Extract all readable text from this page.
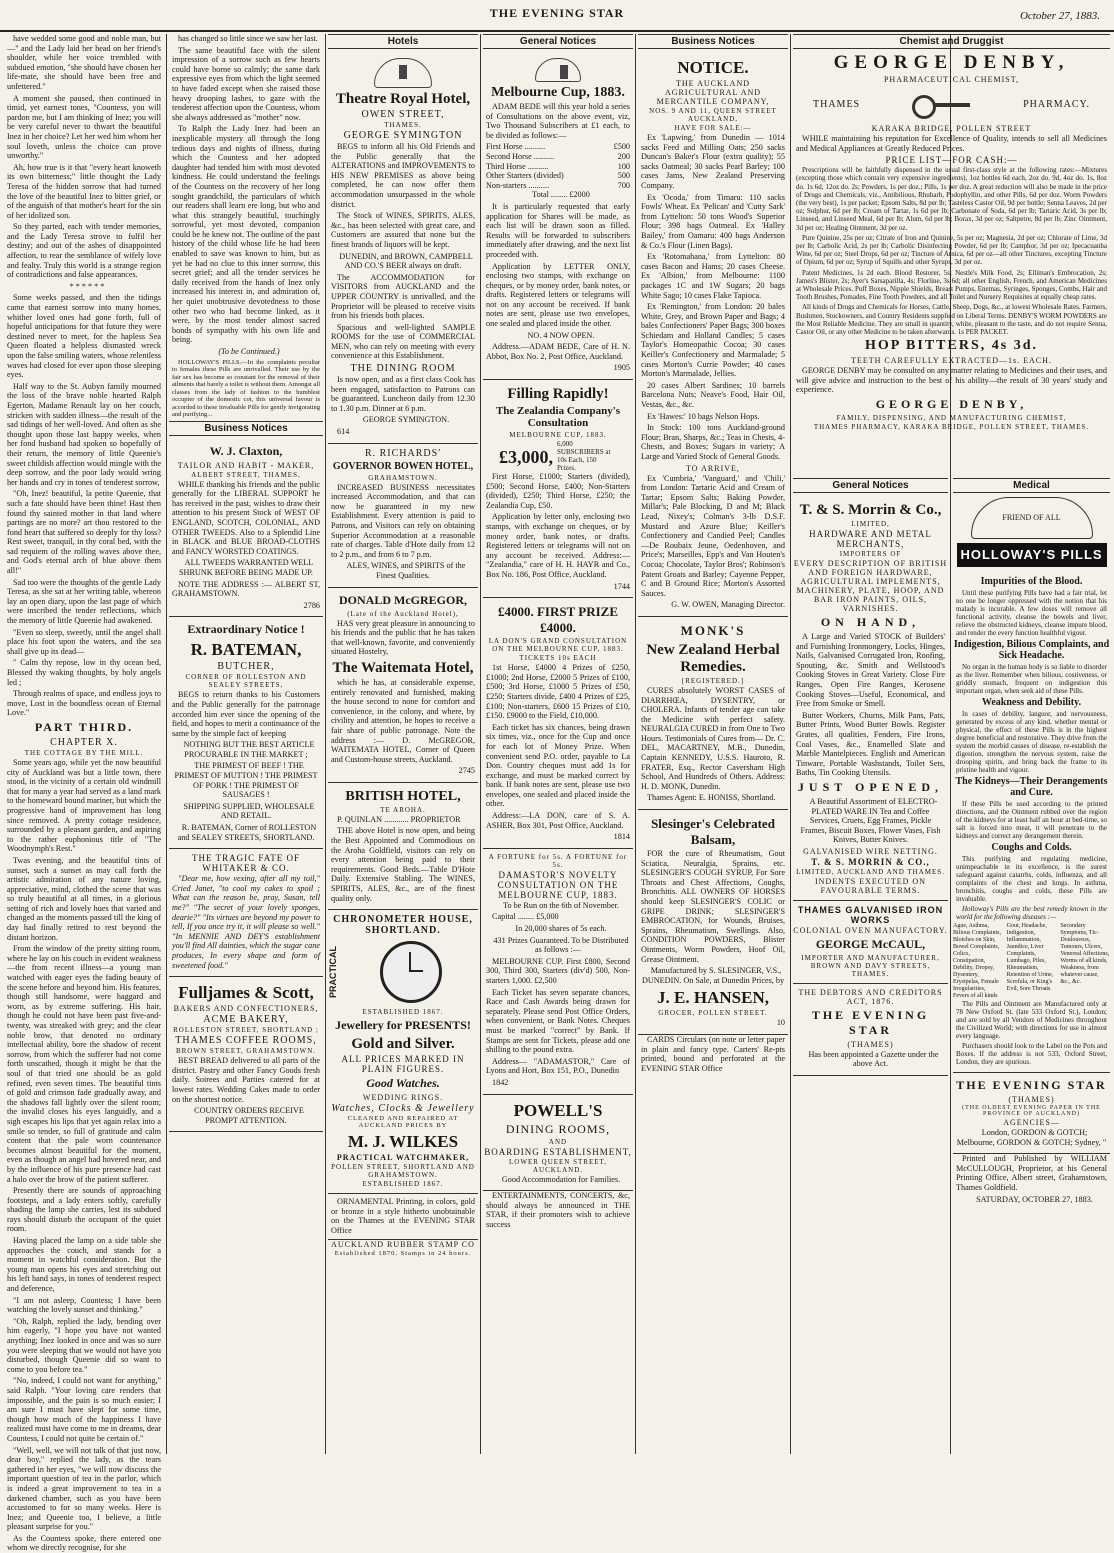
THE EVENING STAR	October 27, 1883.

have wedded some good and noble man, but —" and the Lady laid her head on her friend's shoulder, while her voice trembled with subdued emotion, "she should have chosen her life-mate, she should have been free and unfettered."

A moment she paused, then continued in timid, yet earnest tones, "Countess, you will pardon me, but I am thinking of Inez; you will be very careful never to thwart the beautiful Inez in her choice? Let her wed him whom her soul loveth, unless the choice can prove unworthy."

Ah, how true is it that "every heart knoweth its own bitterness;" little thought the Lady Teresa of the hidden sorrow that had turned the love of the beautiful Inez to bitter grief, or of the anguish of that mother's heart for the sin of her idolized son.

So they parted, each with tender memories, and the Lady Teresa strove to fulfil her destiny; and out of the ashes of disappointed affection, to rear the semblance of wifely love and fealty. Truly this world is a strange region of contradictions and false appearances.

* * * * * *

Some weeks passed, and then the tidings came that earnest sorrow into many homes, whither loved ones had gone forth, full of hopeful anticipations for that future they were destined never to meet, for the hapless Sea Queen floated a helpless dismasted wreck upon the false smiling waters, whose relentless waves had closed for ever upon those sleeping eyes.

Half way to the St. Aubyn family mourned the loss of the brave noble hearted Ralph Egerton, Madame Renault lay on her couch, stricken with sudden illness—the result of the sad tidings of her well-loved. And often as she thought upon those last happy weeks, when her fond husband had spoken so hopefully of their return, the memory of little Queenie's sweet childish affection would mingle with the deep sorrow, and the poor lady would wring her hands and cry in tones of tenderest sorrow,

"Oh, Inez! beautiful, la petite Queenie, that such a fate should have been thine! Hast then found thy sainted mother in that land where partings are no more? art thou restored to the fond heart that suffered so deeply for thy loss? Rest sweet, tranquil, in thy coral bed, with the sad requiem of the rolling waves above thee, and God's eternal arch of blue above them all!"

Sad too were the thoughts of the gentle Lady Teresa, as she sat at her writing table, whereon lay an open diary, upon the last page of which were inscribed the tender reflections, which the memory of little Queenie had awakened.

"Even so sleep, sweetly, until the angel shall place his foot upon the waters, and the sea shall give up its dead—

" Calm thy repose, low in thy ocean bed, Blessed thy waking thoughts, by holy angels led ;

Through realms of space, and endless joys to move, Lost in the boundless ocean of Eternal Love."

PART THIRD.
CHAPTER X.
THE COTTAGE BY THE MILL.

Some years ago, while yet the now beautiful city of Auckland was but a little town, there stood, in the vicinity of a certain old windmill that for many a year had served as a land mark to the homeward bound mariner, but which the progressive hand of improvement has long since removed. A pretty cottage residence, surrounded by a pleasant garden, and aspiring to the rather euphonious title of "The Woodnymph's Rest."

Twas evening, and the beautiful tints of sunset, such a sunset as may call forth the artistic admiration of any nature loving, appreciative, mind, clothed the scene that was so truly beautiful at all times, in a glorious setting of rich and lovely hues that varied and changed as the moments passed till the king of day had finally retired to rest beyond the distant horizon.

From the window of the pretty sitting room, where he lay on his couch in evident weakness—the from recent illness—a young man watched with eager eyes the fading beauty of the scene before and beyond him. His features, though still handsome, were haggard and worn, as by extreme suffering. His hair, though he could not have been past five-and-twenty, was streaked with grey; and the clear noble brow, that denoted no ordinary intellectual ability, bore the shadow of recent sorrow, from which the sufferer had not come forth unscathed, though it might be that the soul of that tried one should be as gold refined, even seven times. The beautiful tints of gold and crimson fade gradually away, and the shadows fall lightly over the silent room; the invalid closes his eyes languidly, and a sigh escapes his lips that yet again relax into a smile so tender, so full of gratitude and calm content that the pale worn countenance becomes almost beautiful for the moment, even as though an angel had hovered near, and by the influence of his pure presence had cast a halo over the brow of the patient sufferer.

Presently there are sounds of approaching footsteps, and a lady enters softly, carefully shading the lamp she carries, lest its subdued rays should disturb the occupant of the quiet room.

Having placed the lamp on a side table she approaches the couch, and stands for a moment in watchful consideration. But the young man opens his eyes and stretching out his left hand says, in tones of tenderest respect and deference,

"I am not asleep, Countess; I have been watching the lovely sunset and thinking."

"Oh, Ralph, replied the lady, bending over him eagerly, "I hope you have not wanted anything; Inez looked in once and was so sure you were sleeping that we would not have you disturbed, though Queenie did so want to come to you before tea."

"No, indeed, I could not want for anything," said Ralph. "Your loving care renders that impossible, and the pain is so much easier; I am sure I must have slept for some time, though how much of the happiness I have realized must have come to me in dreams, dear Countess, I could not quite be certain of."

"Well, well, we will not talk of that just now, dear boy," replied the lady, as the tears gathered in her eyes, "we will now discuss the important question of tea in the parlor, which is indeed a great improvement to tea in a darkened chamber, such as you have been accustomed to for so many weeks. Here is Inez; and Queenie too, I believe, a little pleasant surprise for you."

As the Countess spoke, there entered one whom we directly recognise, for she

has changed so little since we saw her last.

The same beautiful face with the silent impression of a sorrow such as few hearts could have borne so calmly; the same dark expressive eyes from which the light seemed to have faded except when she raised those heavy drooping lashes, to gaze with the tenderest affection upon the Countess, whom she always addressed as "mother" now.

To Ralph the Lady Inez had been an inexplicable mystery all through the long tedious days and nights of illness, during which the Countess and her adopted daughter had tended him with most devoted kindness. He could understand the feelings of the Countess on the recovery of her long sought grandchild, the particulars of which our readers shall learn ere long, but who and what this strangely beautiful, touchingly sorrowful, yet most devoted, companion could be he knew not. The outline of the past history of the child whose life he had been enabled to save was known to him, but as yet he had no clue to this inner sorrow, this secret grief; and all the tender services he daily received from the hands of Inez only increased his interest in, and admiration of, her quiet unobtrusive devotedness to those other two who had become linked, as it were, by the most tender almost sacred bonds of sympathy with his own life and being.

(To be Continued.)

HOLLOWAY'S PILLS.—In the complaints peculiar to females these Pills are unrivalled. Their use by the fair sex has become so constant for the removal of their ailments that barely a toilet is without them. Amongst all classes from the lady of fashion to the humblest occupier of the domestic cot, this universal favour is accorded to these invaluable Pills for gently invigorating and purifying...

Business Notices
W. J. Claxton,
TAILOR AND HABIT - MAKER,
ALBERT STREET, THAMES,

WHILE thanking his friends and the public generally for the LIBERAL SUPPORT he has received in the past, wishes to draw their attention to his present Stock of WEST OF ENGLAND, SCOTCH, COLONIAL, AND OTHER TWEEDS. Also to a Splendid Line in BLACK and BLUE BROAD-CLOTHS and FANCY WORSTED COATINGS.

ALL TWEEDS WARRANTED WELL SHRUNK BEFORE BEING MADE UP.

NOTE THE ADDRESS :— ALBERT ST, GRAHAMSTOWN.

2786

Extraordinary Notice !
R. BATEMAN,
BUTCHER,
CORNER OF ROLLESTON AND SEALEY STREETS,

BEGS to return thanks to his Customers and the Public generally for the patronage accorded him ever since the opening of the field, and hopes to merit a continuance of the same by the simple fact of keeping

NOTHING BUT THE BEST ARTICLE PROCURABLE IN THE MARKET ;

THE PRIMEST OF BEEF ! THE PRIMEST OF MUTTON ! THE PRIMEST OF PORK ! THE PRIMEST OF SAUSAGES !

SHIPPING SUPPLIED, WHOLESALE AND RETAIL.

R. BATEMAN, Corner of ROLLESTON and SEALEY STREETS, SHORTLAND.

THE TRAGIC FATE OF WHITAKER & CO.

"Dear me, how vexing, after all my toil," Cried Janet, "to cool my cakes to spoil ; What can the reason be, pray, Susan, tell me?" "The secret of your lovely sponges, dearie?" "Its virtues are beyond my power to tell, If you once try it, it will please so well." "In MENNIE AND DEY'S establishment you'll find All dainties, which the sugar cane produces, In every shape and form of sweetened food."

Fulljames & Scott,
BAKERS AND CONFECTIONERS,
ACME BAKERY,
ROLLESTON STREET, SHORTLAND ;
THAMES COFFEE ROOMS,
BROWN STREET, GRAHAMSTOWN.

BEST BREAD delivered to all parts of the district. Pastry and other Fancy Goods fresh daily. Soirees and Parties catered for at lowest rates. Wedding Cakes made to order on the shortest notice.

COUNTRY ORDERS RECEIVE PROMPT ATTENTION.

Hotels
Theatre Royal Hotel,
OWEN STREET,
THAMES.
GEORGE SYMINGTON

BEGS to inform all his Old Friends and the Public generally that the ALTERATIONS and IMPROVEMENTS to HIS NEW PREMISES as above being completed, he can now offer them accommodation unsurpassed in the whole district.

The Stock of WINES, SPIRITS, ALES, &c., has been selected with great care, and Customers are assured that none but the finest brands of liquors will be kept.

DUNEDIN, and BROWN, CAMPBELL AND CO.'S BEER always on draft.

The ACCOMMODATION for VISITORS from AUCKLAND and the UPPER COUNTRY is unrivalled, and the Proprietor will be pleased to receive visits from his friends both places.

Spacious and well-lighted SAMPLE ROOMS for the use of COMMERCIAL MEN, who can rely on meeting with every convenience at this Establishment.

THE DINING ROOM

Is now open, and as a first class Cook has been engaged, satisfaction to Patrons can be guaranteed. Luncheon daily from 12.30 to 1.30 p.m. Dinner at 6 p.m.

GEORGE SYMINGTON.

614

R. RICHARDS'
GOVERNOR BOWEN HOTEL,
GRAHAMSTOWN.

INCREASED BUSINESS necessitates increased Accommodation, and that can now be guaranteed in my new Establishment. Every attention is paid to Patrons, and Visitors can rely on obtaining Superior Accommodation at a reasonable rate of charges. Table d'Hote daily from 12 to 2 p.m., and from 6 to 7 p.m.

ALES, WINES, and SPIRITS of the Finest Qualities.

DONALD McGREGOR,
(Late of the Auckland Hotel),

HAS very great pleasure in announcing to his friends and the public that he has taken that well-known, favorite, and conveniently situated Hostelry,

The Waitemata Hotel,

which he has, at considerable expense, entirely renovated and furnished, making the house second to none for comfort and convenience, in the colony, and where, by civility and attention, he hopes to receive a fair share of public patronage. Note the address :— D. McGREGOR, WAITEMATA HOTEL, Corner of Queen and Custom-house streets, Auckland.

2745

BRITISH HOTEL,
TE AROHA.

P. QUINLAN ............ PROPRIETOR

THE above Hotel is now open, and being the Best Appointed and Commodious on the Aroha Goldfield, visitors can rely on every attention being paid to their requirements. Good Beds.—Table D'Hote Daily. Extensive Stabling. The WINES, SPIRITS, ALES, &c., are of the finest quality only.

CHRONOMETER HOUSE, SHORTLAND.
PRACTICAL
ESTABLISHED 1867.
Jewellery for PRESENTS!
Gold and Silver.
ALL PRICES MARKED IN PLAIN FIGURES.
Good Watches.
WEDDING RINGS.
Watches, Clocks & Jewellery
CLEANED AND REPAIRED AT AUCKLAND PRICES BY
M. J. WILKES
PRACTICAL WATCHMAKER,
POLLEN STREET, SHORTLAND AND GRAHAMSTOWN.
ESTABLISHED 1867.

ORNAMENTAL Printing, in colors, gold or bronze in a style hitherto unobtainable on the Thames at the EVENING STAR Office

AUCKLAND RUBBER STAMP CO
Established 1870. Stamps in 24 hours.
General Notices
Melbourne Cup, 1883.

ADAM BEDE will this year hold a series of Consultations on the above event, viz, Two Thousand Subscribers at £1 each, to be divided as follows:—

First Horse ..........	£500
Second Horse ..........	200
Third Horse ..........	100
Other Starters (divided)	500
Non-starters ..........	700

Total ........ £2000

It is particularly requested that early application for Shares will be made, as each list will be drawn soon as filled. Results will be forwarded to subscribers immediately after drawing, and the next list proceeded with.

Application by LETTER ONLY, enclosing two stamps, with exchange on cheques, or by money order, bank notes, or drafts. Registered letters or telegrams will not on any account be received. If bank notes are sent, please use two envelopes, one sealed and placed inside the other.

NO. 4 NOW OPEN.

Address.—ADAM BEDE, Care of H. N. Abbot, Box No. 2, Post Office, Auckland.

1905

Filling Rapidly!
The Zealandia Company's Consultation
MELBOURNE CUP, 1883.
£3,000,
6,000 SUBSCRIBERS at 10s Each, 150 Prizes.

First Horse, £1000; Starters (divided), £500; Second Horse, £400; Non-Starters (divided), £250; Third Horse, £250; the Zealandia Cup, £50.

Application by letter only, enclosing two stamps, with exchange on cheques, or by money order, bank notes, or drafts. Registered letters or telegrams will not on any account be received. Address:— "Zealandia," care of H. H. HAYR and Co., Box No. 186, Post Office, Auckland.

1744

£4000. FIRST PRIZE £4000.
LA DON'S GRAND CONSULTATION ON THE MELBOURNE CUP, 1883.
TICKETS 10s EACH

1st Horse, £4000 4 Prizes of £250, £1000; 2nd Horse, £2000 5 Prizes of £100, £500; 3rd Horse, £1000 5 Prizes of £50, £250; Starters divide, £400 4 Prizes of £25, £100; Non-starters, £600 15 Prizes of £10, £150. £9000 to the Field, £10,000.

Each ticket has six chances, being drawn six times, viz., once for the Cup and once for each lot of Money Prize. When convenient send P.O. order, payable to La Don. Country cheques must add 1s for exchange, and must be marked correct by bank. If bank notes are sent, please use two envelopes, one sealed and placed inside the other.

Address:—LA DON, care of S. A. ASHER, Box 301, Post Office, Auckland.

1814

A FORTUNE for 5s. A FORTUNE for 5s.
DAMASTOR'S NOVELTY CONSULTATION ON THE MELBOURNE CUP, 1883.

To be Run on the 6th of November.

Capital ........ £5,000

In 20,000 shares of 5s each.

431 Prizes Guaranteed. To be Distributed as follows :—

MELBOURNE CUP. First £800, Second 300, Third 300, Starters (div'd) 500, Non-starters 1,000. £2,500

Each Ticket has seven separate chances, Race and Cash Awards being drawn for separately. Please send Post Office Orders, when convenient, or Bank Notes. Cheques must be marked "correct" by Bank. If Stamps are sent for Tickets, please add one shilling to the pound extra.

Address— "ADAMASTOR," Care of Lyons and Hort, Box 151, P.O., Dunedin

1842

POWELL'S
DINING ROOMS,
AND
BOARDING ESTABLISHMENT,
LOWER QUEEN STREET, AUCKLAND.

Good Accommodation for Families.

ENTERTAINMENTS, CONCERTS, &c, should always be announced in THE STAR, if their promoters wish to achieve success

Business Notices
NOTICE.
THE AUCKLAND AGRICULTURAL AND MERCANTILE COMPANY,
NOS. 9 AND 11, QUEEN STREET AUCKLAND,
HAVE FOR SALE:—

Ex 'Lapwing,' from Dunedin — 1014 sacks Feed and Milling Oats; 250 sacks Duncan's Baker's Flour (extra quality); 55 sacks Oatmeal; 30 sacks Pearl Barley; 100 cases Jams, New Zealand Preserving Company.

Ex 'Ocoda,' from Timaru: 110 sacks Fowls' Wheat. Ex 'Pelican' and 'Cutty Sark' from Lyttelton: 50 tons Wood's Superior Flour; 398 bags Oatmeal. Ex 'Halley Bailey,' from Oamaru: 400 bags Anderson & Co.'s Flour (Linen Bags).

Ex 'Rotomahana,' from Lyttelton: 80 cases Bacon and Hams; 20 cases Cheese. Ex 'Albion,' from Melbourne: 1100 packages 1C and 1W Sugars; 20 bags White Sago; 10 cases Flake Tapioca.

Ex 'Remington,' from London: 20 bales White, Grey, and Brown Paper and Bags; 4 bales Confectioners' Paper Bags; 300 boxes Schiedam and Holland Candles; 5 cases Taylor's Homeopathic Cocoa; 30 cases Keiller's Confectionery and Marmalade; 5 cases Morton's Currie Powder; 40 cases Morton's Marmalade, Jellies.

20 cases Albert Sardines; 10 barrels Barcelona Nuts; Neave's Food, Hair Oil, Vestas, &c., &c.

Ex 'Hawes:' 10 bags Nelson Hops.

In Stock: 100 tons Auckland-ground Flour; Bran, Sharps, &c.; Teas in Chests, 4-Chests, and Boxes; Sugars in variety; A Large and Varied Stock of General Goods.

TO ARRIVE,

Ex 'Cumbria,' 'Vanguard,' and 'Chili,' from London: Tartaric Acid and Cream of Tartar; Epsom Salts; Baking Powder, Millar's; Pale Blocking, D and M; Black Lead, Nixey's; Colman's 3-lb D.S.F. Mustard and Azure Blue; Keiller's Confectionery and Candied Peel; Candles—De Roubaix Jeune, Oedenhoven, and Price's; Marseilles, Epp's and Van Houten's Cocoa; Chocolate, Taylor Bros'; Robinson's Patent Groats and Barley; Cayenne Pepper, C and B Ground Rice; Morton's Assorted Sauces.

G. W. OWEN, Managing Director.

MONK'S
New Zealand Herbal Remedies.
[REGISTERED.]

CURES absolutely WORST CASES of DIARRHŒA, DYSENTRY, or CHOLERA. Infants of tender age can take the Medicine with perfect safety. NEURALGIA CURED in from One to Two Hours. Testimonials of Cures from— Dr. C. DEL, MACARTNEY, M.B., Dunedin, Captain KENNEDY, U.S.S. Hauroto, R. FRATER, Esq., Rector Caversham High School, And Hundreds of Others. Address: H. D. MONK, Dunedin.

Thames Agent: E. HONISS, Shortland.

Slesinger's Celebrated Balsam,

FOR the cure of Rheumatism, Gout Sciatica, Neuralgia, Sprains, etc. SLESINGER'S COUGH SYRUP, For Sore Throats and Chest Affections, Coughs, Bronchitis. ALL OWNERS OF HORSES should keep SLESINGER'S COLIC or GRIPE DRINK; SLESINGER'S EMBROCATION, for Wounds, Bruises, Sprains, Rheumatism, Swellings. Also, CONDITION POWDERS, Blister Ointments, Worm Powders, Hoof Oil, Grease Ointment.

Manufactured by S. SLESINGER, V.S., DUNEDIN. On Sale, at Dunedin Prices, by

J. E. HANSEN,
GROCER, POLLEN STREET.

10

CARDS Circulars (on note or letter paper in plain and fancy type. Carters' Re-pts printed, bound and perforated at the EVENING STAR Office

Chemist and Druggist
GEORGE DENBY,
PHARMACEUTICAL CHEMIST,
THAMES	PHARMACY.
KARAKA BRIDGE, POLLEN STREET

WHILE maintaining his reputation for Excellence of Quality, intends to sell all Medicines and Medical Appliances at Greatly Reduced Prices.

PRICE LIST—FOR CASH:—

Prescriptions will be faithfully dispensed in the usual first-class style at the following rates:—Mixtures (excepting those which contain very expensive ingredients), 1oz bottles 6d each, 2oz do. 9d, 4oz do. 1s, 8oz do. 1s 6d, 12oz do. 2s; Powders, 1s per doz.; Pills, 1s per doz. A great reduction will also be made in the price of Drugs and Chemicals, viz., Antibilious, Rhubarb, Podophyllin, and other Pills, 6d per doz. Worm Powders (the very best), 1s per packet; Epsom Salts, 8d per lb; Tasteless Castor Oil, 9d per bottle; Senna Leaves, 2d per oz; Sulphur, 6d per lb; Cream of Tartar, 1s 6d per lb; Carbonate of Soda, 6d per lb; Tartaric Acid, 3s per lb; Linseed, and Linseed Meal, 6d per lb; Alum, 6d per lb; Borax, 3d per oz; Saltpetre, 8d per lb; Zinc Ointment, 3d per oz; Healing Ointment, 3d per oz.

Pure Quinine, 25s per oz; Citrate of Iron and Quinine, 5s per oz; Magnesia, 2d per oz; Chlorate of Lime, 3d per lb; Carbolic Acid, 2s per lb; Carbolic Disinfecting Powder, 6d per lb; Camphor, 3d per oz; Ipecacuanha Wine, 6d per oz; Steel Drops, 6d per oz; Tincture of Arnica, 6d per oz—all other Tinctures, excepting Tincture of Opium, 6d per oz; Syrup of Squills and other Syrups, 3d per oz.

Patent Medicines, 1s 2d each. Blood Restorer, 5s; Nestle's Milk Food, 2s; Elliman's Embrocation, 2s; James's Blister, 2s; Ayer's Sarsaparilla, 4s; Florline, 3s 6d; all other English, French, and American Medicines at Wholesale Prices. Puff Boxes, Nipple Shields, Breast Pumps, Enemas, Syringes, Sponges, Combs, Hair and Tooth Brushes, Pomades, Fine Tooth Powders, and all Toilet and Nursery Requisites at equally cheap rates.

All kinds of Drugs and Chemicals for Horses, Cattle, Sheep, Dogs, &c., at lowest Wholesale Rates. Farmers, Bushmen, Stockowners, and Country Residents supplied on Liberal Terms. DENBY'S WORM POWDERS are the Most Reliable Medicine. They are small in quantity, white, pleasant to the taste, and do not require Senna, Castor Oil, or any other Medicine to be taken afterwards. 1s PER PACKET.

HOP BITTERS, 4s 3d.
TEETH CAREFULLY EXTRACTED—1s. EACH.

GEORGE DENBY may be consulted on any matter relating to Medicines and their uses, and will give advice and instruction to the best of his ability—the result of 30 years' study and experience.

GEORGE DENBY,
FAMILY, DISPENSING, AND MANUFACTURING CHEMIST,
THAMES PHARMACY, KARAKA BRIDGE, POLLEN STREET, THAMES.
General Notices
T. & S. Morrin & Co.,
LIMITED,
HARDWARE AND METAL MERCHANTS,
IMPORTERS OF
EVERY DESCRIPTION OF BRITISH AND FOREIGN HARDWARE, AGRICULTURAL IMPLEMENTS, MACHINERY, PLATE, HOOP, AND BAR IRON PAINTS, OILS, VARNISHES.
ON HAND,

A Large and Varied STOCK of Builders' and Furnishing Ironmongery, Locks, Hinges, Nails, Galvanised Corrugated Iron, Roofing, Spouting, &c. Smith and Wellstood's Cooking Stoves in Great Variety. Close Fire Ranges, Open Fire Ranges, Kerosene Cooking Stoves—Useful, Economical, and Free from Smoke or Smell.

Butter Workers, Churns, Milk Pans, Pats, Butter Prints, Wood Butter Bowls. Register Grates, all qualities, Fenders, Fire Irons, Coal Vases, &c., Enamelled Slate and Marble Mantelpieces. English and American Tinware, Portable Washstands, Toilet Sets, Baths, Tin Cooking Utensils.

JUST OPENED,

A Beautiful Assortment of ELECTRO-PLATED WARE IN Tea and Coffee Services, Cruets, Egg Frames, Pickle Frames, Biscuit Boxes, Flower Vases, Fish Knives, Butter Knives.

GALVANISED WIRE NETTING.
T. & S. MORRIN & CO.,
LIMITED, AUCKLAND AND THAMES.
INDENTS EXECUTED ON FAVOURABLE TERMS.
THAMES GALVANISED IRON WORKS
COLONIAL OVEN MANUFACTORY.
GEORGE McCAUL,
IMPORTER AND MANUFACTURER, BROWN AND DAVY STREETS, THAMES.
THE DEBTORS AND CREDITORS ACT, 1876.
THE EVENING STAR
(THAMES)

Has been appointed a Gazette under the above Act.

Medical
FRIEND OF ALL
HOLLOWAY'S PILLS
Impurities of the Blood.

Until these purifying Pills have had a fair trial, let no one be longer oppressed with the notion that his malady is incurable. A few doses will remove all functional activity, cleanse the bowels and liver, relieve the obstructed kidneys, cleanse impure blood, and render the every function healthful vigour.

Indigestion, Bilious Complaints, and Sick Headache.

No organ in the human body is so liable to disorder as the liver. Remember when bilious, costiveness, or griddly stomach, frequent on indigestion this important organ, when seek aid of these Pills.

Weakness and Debility.

In cases of debility, languor, and nervousness, generated by excess of any kind, whether mental or physical, the effect of these Pills is in the highest degree beneficial and restorative. They drive from the system the morbid causes of disease, re-establish the digestion, strengthen the nervous system, raise the drooping spirits, and bring back the frame to its pristine health and vigour.

The Kidneys—Their Derangements and Cure.

If these Pills be used according to the printed directions, and the Ointment rubbed over the region of the kidneys for at least half an hour at bed-time, so salt is forced into meat, it will penetrate to the kidneys and correct any derangement therein.

Coughs and Colds.

This purifying and regulating medicine, unimpeachable in its excellence, is the surest safeguard against catarrhs, colds, influenza, and all complaints of the chest and lungs. In asthma, bronchitis, coughs and colds, these Pills are invaluable.

Holloway's Pills are the best remedy known in the world for the following diseases :—

Ague, Asthma, Bilious Complaints, Blotches on Skin, Bowel Complaints, Colics, Constipation, Debility, Dropsy, Dysentery, Erysipelas, Female Irregularities, Fevers of all kinds
Gout, Headache, Indigestion, Inflammation, Jaundice, Liver Complaints, Lumbago, Piles, Rheumatism, Retention of Urine, Scrofula, or King's Evil, Sore Throats
Secondary Symptoms, Tic-Douloureux, Tumours, Ulcers, Venereal Affections, Worms of all kinds, Weakness, from whatever cause, &c., &c.

The Pills and Ointment are Manufactured only at 78 New Oxford St. (late 533 Oxford St.), London; and are sold by all Vendors of Medicines throughout the Civilized World; with directions for use in almost every language.

Purchasers should look to the Label on the Pots and Boxes. If the address is not 533, Oxford Street, London, they are spurious.

THE EVENING STAR
(THAMES)
(THE OLDEST EVENING PAPER IN THE PROVINCE OF AUCKLAND)
AGENCIES—

London, GORDON & GOTCH; Melbourne, GORDON & GOTCH; Sydney, "

Printed and Published by WILLIAM McCULLOUGH, Proprietor, at his General Printing Office, Albert street, Grahamstown, Thames Goldfield.

SATURDAY, OCTOBER 27, 1883.
